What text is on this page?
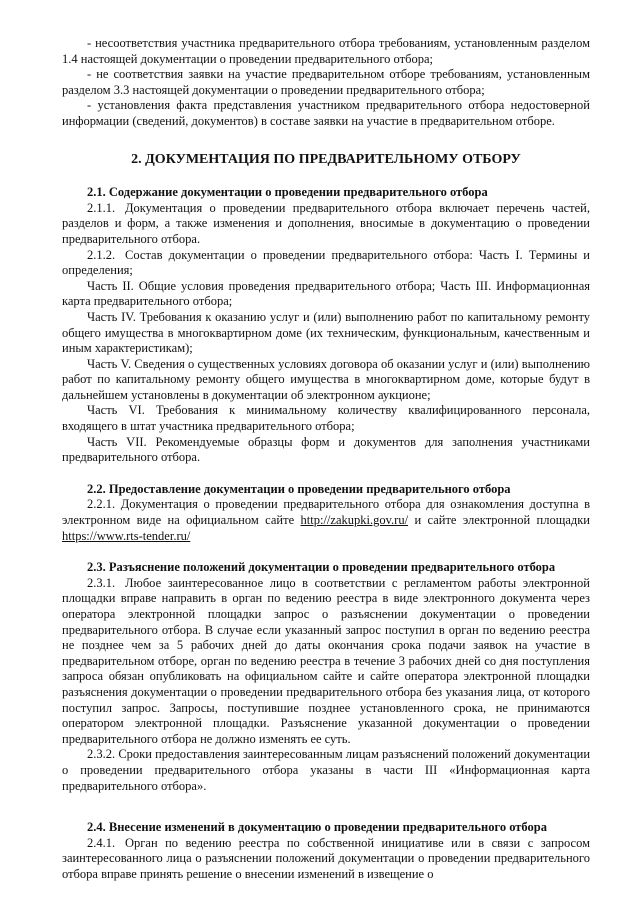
- несоответствия участника предварительного отбора требованиям, установленным разделом 1.4 настоящей документации о проведении предварительного отбора;

- не соответствия заявки на участие предварительном отборе требованиям, установленным разделом 3.3 настоящей документации о проведении предварительного отбора;

- установления факта представления участником предварительного отбора недостоверной информации (сведений, документов) в составе заявки на участие в предварительном отборе.

2. ДОКУМЕНТАЦИЯ ПО ПРЕДВАРИТЕЛЬНОМУ ОТБОРУ

2.1. Содержание документации о проведении предварительного отбора

2.1.1. Документация о проведении предварительного отбора включает перечень частей, разделов и форм, а также изменения и дополнения, вносимые в документацию о проведении предварительного отбора.

2.1.2. Состав документации о проведении предварительного отбора: Часть I. Термины и определения;

Часть II. Общие условия проведения предварительного отбора; Часть III. Информационная карта предварительного отбора;

Часть IV. Требования к оказанию услуг и (или) выполнению работ по капитальному ремонту общего имущества в многоквартирном доме (их техническим, функциональным, качественным и иным характеристикам);

Часть V. Сведения о существенных условиях договора об оказании услуг и (или) выполнению работ по капитальному ремонту общего имущества в многоквартирном доме, которые будут в дальнейшем установлены в документации об электронном аукционе;

Часть VI. Требования к минимальному количеству квалифицированного персонала, входящего в штат участника предварительного отбора;

Часть VII. Рекомендуемые образцы форм и документов для заполнения участниками предварительного отбора.

2.2. Предоставление документации о проведении предварительного отбора

2.2.1. Документация о проведении предварительного отбора для ознакомления доступна в электронном виде на официальном сайте http://zakupki.gov.ru/ и сайте электронной площадки https://www.rts-tender.ru/

2.3. Разъяснение положений документации о проведении предварительного отбора

2.3.1. Любое заинтересованное лицо в соответствии с регламентом работы электронной площадки вправе направить в орган по ведению реестра в виде электронного документа через оператора электронной площадки запрос о разъяснении документации о проведении предварительного отбора. В случае если указанный запрос поступил в орган по ведению реестра не позднее чем за 5 рабочих дней до даты окончания срока подачи заявок на участие в предварительном отборе, орган по ведению реестра в течение 3 рабочих дней со дня поступления запроса обязан опубликовать на официальном сайте и сайте оператора электронной площадки разъяснения документации о проведении предварительного отбора без указания лица, от которого поступил запрос. Запросы, поступившие позднее установленного срока, не принимаются оператором электронной площадки. Разъяснение указанной документации о проведении предварительного отбора не должно изменять ее суть.

2.3.2. Сроки предоставления заинтересованным лицам разъяснений положений документации о проведении предварительного отбора указаны в части III «Информационная карта предварительного отбора».

2.4. Внесение изменений в документацию о проведении предварительного отбора

2.4.1. Орган по ведению реестра по собственной инициативе или в связи с запросом заинтересованного лица о разъяснении положений документации о проведении предварительного отбора вправе принять решение о внесении изменений в извещение о
